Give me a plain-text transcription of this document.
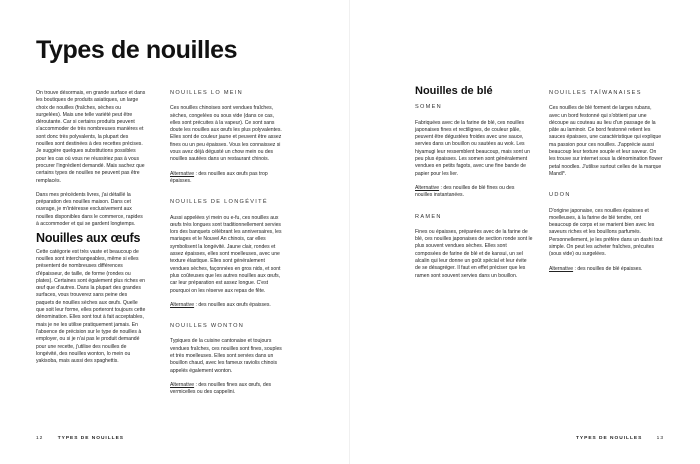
Types de nouilles

On trouve désormais, en grande surface et dans les boutiques de produits asiatiques, un large choix de nouilles (fraîches, sèches ou surgelées). Mais une telle variété peut être déroutante. Car si certains produits peuvent s'accommoder de très nombreuses manières et sont donc très polyvalents, la plupart des nouilles sont destinées à des recettes précises. Je suggère quelques substitutions possibles pour les cas où vous ne réussiriez pas à vous procurer l'ingrédient demandé. Mais sachez que certains types de nouilles ne peuvent pas être remplacés.

Dans mes précédents livres, j'ai détaillé la préparation des nouilles maison. Dans cet ouvrage, je m'intéresse exclusivement aux nouilles disponibles dans le commerce, rapides à accommoder et qui se gardent longtemps.

Nouilles aux œufs

Cette catégorie est très vaste et beaucoup de nouilles sont interchangeables, même si elles présentent de nombreuses différences d'épaisseur, de taille, de forme (rondes ou plates). Certaines sont également plus riches en œuf que d'autres. Dans la plupart des grandes surfaces, vous trouverez sans peine des paquets de nouilles sèches aux œufs. Quelle que soit leur forme, elles porteront toujours cette dénomination. Elles sont tout à fait acceptables, mais je ne les utilise pratiquement jamais. En l'absence de précision sur le type de nouilles à employer, ou si je n'ai pas le produit demandé pour une recette, j'utilise des nouilles de longévité, des nouilles wonton, lo mein ou yakisoba, mais aussi des spaghettis.

NOUILLES LO MEIN

Ces nouilles chinoises sont vendues fraîches, sèches, congelées ou sous vide (dans ce cas, elles sont précuites à la vapeur). Ce sont sans doute les nouilles aux œufs les plus polyvalentes. Elles sont de couleur jaune et peuvent être assez fines ou un peu épaisses. Vous les connaissez si vous avez déjà dégusté un chow mein ou des nouilles sautées dans un restaurant chinois.

Alternative : des nouilles aux œufs pas trop épaisses.

NOUILLES DE LONGÉVITÉ

Aussi appelées yi mein ou e-fu, ces nouilles aux œufs très longues sont traditionnellement servies lors des banquets célébrant les anniversaires, les mariages et le Nouvel An chinois, car elles symbolisent la longévité. Jaune clair, rondes et assez épaisses, elles sont moelleuses, avec une texture élastique. Elles sont généralement vendues sèches, façonnées en gros nids, et sont plus coûteuses que les autres nouilles aux œufs, car leur préparation est assez longue. C'est pourquoi on les réserve aux repas de fête.

Alternative : des nouilles aux œufs épaisses.

NOUILLES WONTON

Typiques de la cuisine cantonaise et toujours vendues fraîches, ces nouilles sont fines, souples et très moelleuses. Elles sont servies dans un bouillon chaud, avec les fameux raviolis chinois appelés également wonton.

Alternative : des nouilles fines aux œufs, des vermicelles ou des cappelini.

12	TYPES DE NOUILLES
Nouilles de blé
SOMEN

Fabriquées avec de la farine de blé, ces nouilles japonaises fines et rectilignes, de couleur pâle, peuvent être dégustées froides avec une sauce, servies dans un bouillon ou sautées au wok. Les hiyamugi leur ressemblent beaucoup, mais sont un peu plus épaisses. Les somen sont généralement vendues en petits fagots, avec une fine bande de papier pour les lier.

Alternative : des nouilles de blé fines ou des nouilles instantanées.

RAMEN

Fines ou épaisses, préparées avec de la farine de blé, ces nouilles japonaises de section ronde sont le plus souvent vendues sèches. Elles sont composées de farine de blé et de kansui, un sel alcalin qui leur donne un goût spécial et leur évite de se désagréger. Il faut en effet préciser que les ramen sont souvent servies dans un bouillon.

NOUILLES TAÏWANAISES

Ces nouilles de blé forment de larges rubans, avec un bord festonné qui s'obtient par une découpe au couteau au lieu d'un passage de la pâte au laminoir. Ce bord festonné retient les sauces épaisses, une caractéristique qui explique ma passion pour ces nouilles. J'apprécie aussi beaucoup leur texture souple et leur saveur. On les trouve sur internet sous la dénomination flower petal noodles. J'utilise surtout celles de la marque Mandl*.

UDON

D'origine japonaise, ces nouilles épaisses et moelleuses, à la farine de blé tendre, ont beaucoup de corps et se marient bien avec les saveurs riches et les bouillons parfumés. Personnellement, je les préfère dans un dashi tout simple. On peut les acheter fraîches, précuites (sous vide) ou surgelées.

Alternative : des nouilles de blé épaisses.

TYPES DE NOUILLES	13
